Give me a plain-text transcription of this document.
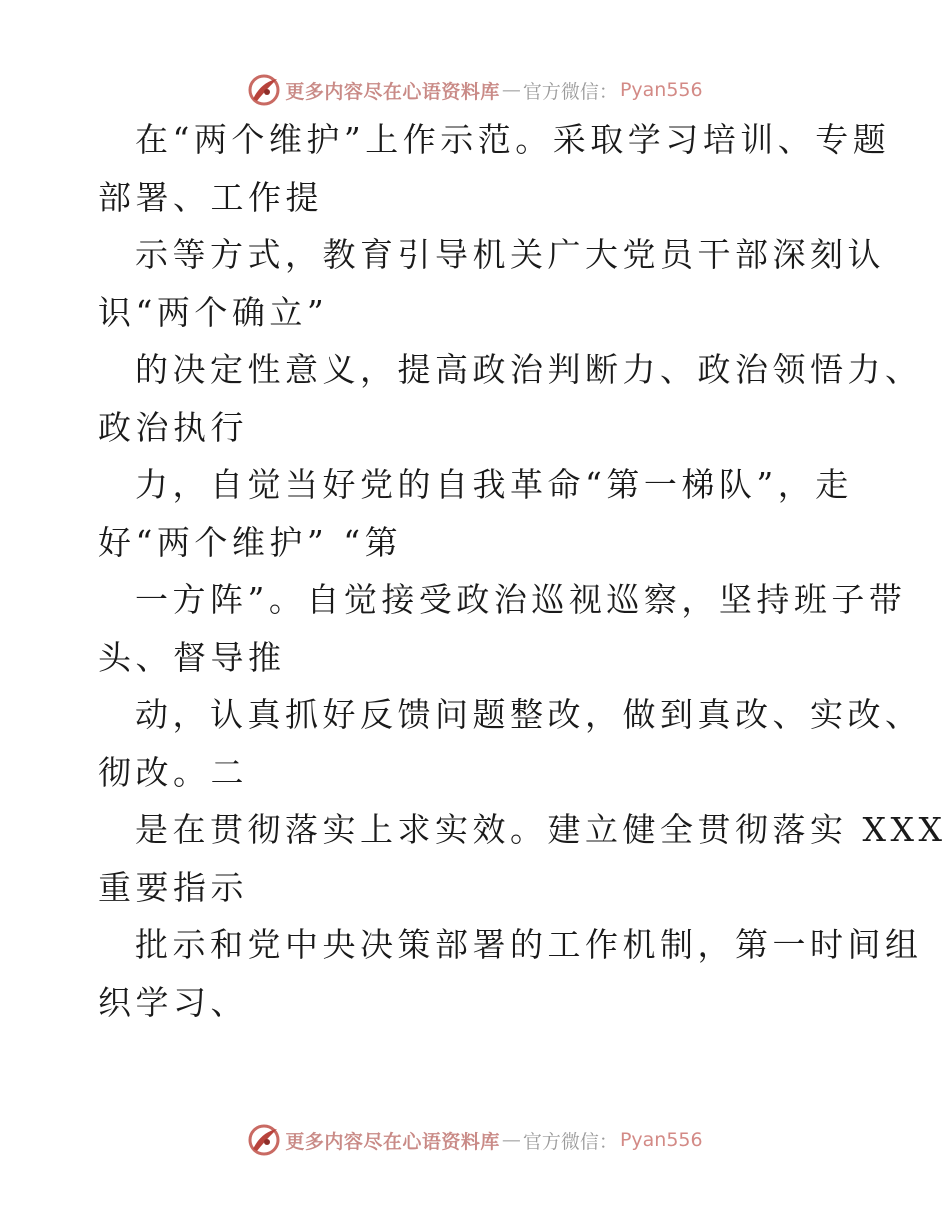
更多内容尽在心语资料库 — 官方微信： Pyan556
在“两个维护”上作示范。采取学习培训、专题
部署、工作提
示等方式，教育引导机关广大党员干部深刻认
识“两个确立”
的决定性意义，提高政治判断力、政治领悟力、
政治执行
力，自觉当好党的自我革命“第一梯队”，走
好“两个维护” “第
一方阵”。自觉接受政治巡视巡察，坚持班子带
头、督导推
动，认真抓好反馈问题整改，做到真改、实改、
彻改。二
是在贯彻落实上求实效。建立健全贯彻落实 XXX
重要指示
批示和党中央决策部署的工作机制，第一时间组
织学习、
更多内容尽在心语资料库 — 官方微信： Pyan556
